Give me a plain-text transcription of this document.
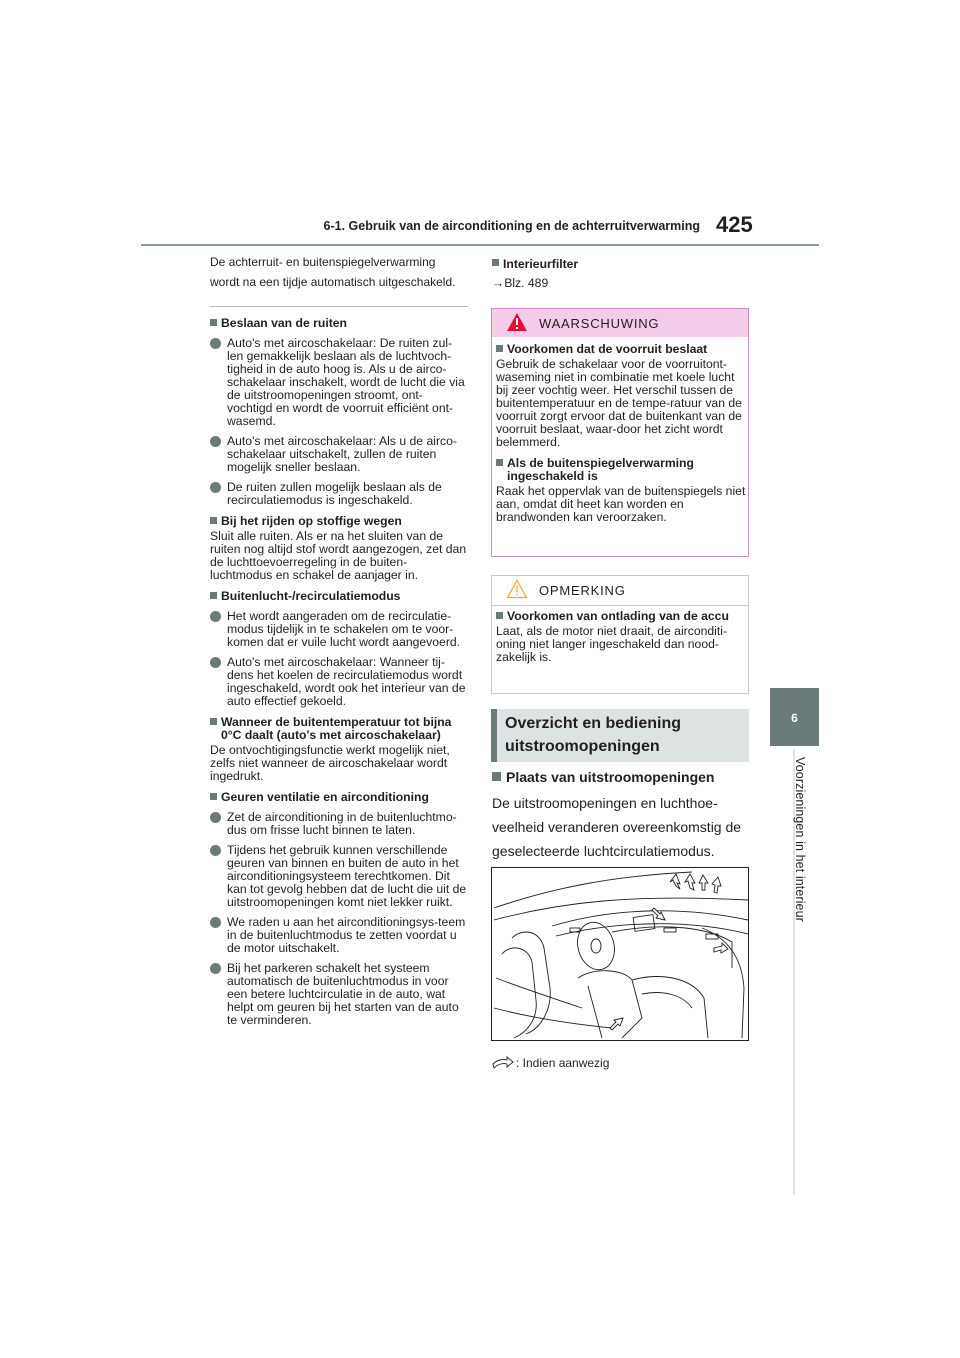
6-1. Gebruik van de airconditioning en de achterruitverwarming 425
6
Voorzieningen in het interieur

De achterruit- en buitenspiegelverwarming wordt na een tijdje automatisch uitgeschakeld.

Beslaan van de ruiten

Auto's met aircoschakelaar: De ruiten zul-len gemakkelijk beslaan als de luchtvoch-tigheid in de auto hoog is. Als u de airco-schakelaar inschakelt, wordt de lucht die via de uitstroomopeningen stroomt, ont-vochtigd en wordt de voorruit efficiënt ont-wasemd.

Auto's met aircoschakelaar: Als u de airco-schakelaar uitschakelt, zullen de ruiten mogelijk sneller beslaan.

De ruiten zullen mogelijk beslaan als de recirculatiemodus is ingeschakeld.

Bij het rijden op stoffige wegen

Sluit alle ruiten. Als er na het sluiten van de ruiten nog altijd stof wordt aangezogen, zet dan de luchttoevoerregeling in de buiten-luchtmodus en schakel de aanjager in.

Buitenlucht-/recirculatiemodus

Het wordt aangeraden om de recirculatie-modus tijdelijk in te schakelen om te voor-komen dat er vuile lucht wordt aangevoerd.

Auto's met aircoschakelaar: Wanneer tij-dens het koelen de recirculatiemodus wordt ingeschakeld, wordt ook het interieur van de auto effectief gekoeld.

Wanneer de buitentemperatuur tot bijna 0°C daalt (auto's met aircoschakelaar)

De ontvochtigingsfunctie werkt mogelijk niet, zelfs niet wanneer de aircoschakelaar wordt ingedrukt.

Geuren ventilatie en airconditioning

Zet de airconditioning in de buitenluchtmo-dus om frisse lucht binnen te laten.

Tijdens het gebruik kunnen verschillende geuren van binnen en buiten de auto in het airconditioningsysteem terechtkomen. Dit kan tot gevolg hebben dat de lucht die uit de uitstroomopeningen komt niet lekker ruikt.

We raden u aan het airconditioningsys-teem in de buitenluchtmodus te zetten voordat u de motor uitschakelt.

Bij het parkeren schakelt het systeem automatisch de buitenluchtmodus in voor een betere luchtcirculatie in de auto, wat helpt om geuren bij het starten van de auto te verminderen.

Interieurfilter
→Blz. 489
WAARSCHUWING

Voorkomen dat de voorruit beslaat

Gebruik de schakelaar voor de voorruitont-waseming niet in combinatie met koele lucht bij zeer vochtig weer. Het verschil tussen de buitentemperatuur en de tempe-ratuur van de voorruit zorgt ervoor dat de buitenkant van de voorruit beslaat, waar-door het zicht wordt belemmerd.

Als de buitenspiegelverwarming ingeschakeld is

Raak het oppervlak van de buitenspiegels niet aan, omdat dit heet kan worden en brandwonden kan veroorzaken.

OPMERKING

Voorkomen van ontlading van de accu

Laat, als de motor niet draait, de airconditi-oning niet langer ingeschakeld dan nood-zakelijk is.

Overzicht en bediening
uitstroomopeningen
Plaats van uitstroomopeningen
De uitstroomopeningen en luchthoe-veelheid veranderen overeenkomstig de geselecteerde luchtcirculatiemodus.
: Indien aanwezig
